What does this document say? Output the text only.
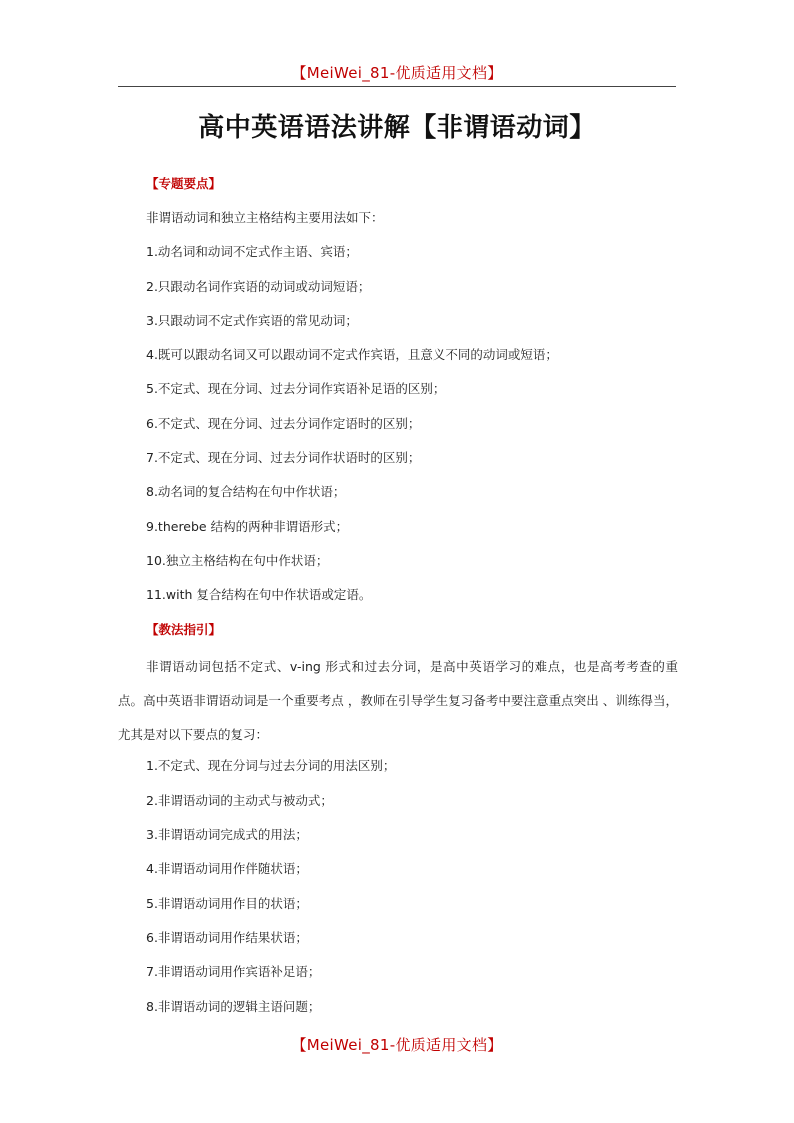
【MeiWei_81-优质适用文档】
高中英语语法讲解【非谓语动词】
【专题要点】
非谓语动词和独立主格结构主要用法如下：
1.动名词和动词不定式作主语、宾语；
2.只跟动名词作宾语的动词或动词短语；
3.只跟动词不定式作宾语的常见动词；
4.既可以跟动名词又可以跟动词不定式作宾语，且意义不同的动词或短语；
5.不定式、现在分词、过去分词作宾语补足语的区别；
6.不定式、现在分词、过去分词作定语时的区别；
7.不定式、现在分词、过去分词作状语时的区别；
8.动名词的复合结构在句中作状语；
9.therebe 结构的两种非谓语形式；
10.独立主格结构在句中作状语；
11.with 复合结构在句中作状语或定语。
【教法指引】

非谓语动词包括不定式、v-ing 形式和过去分词，是高中英语学习的难点，也是高考考查的重点。高中英语非谓语动词是一个重要考点 ，教师在引导学生复习备考中要注意重点突出 、训练得当，尤其是对以下要点的复习：

1.不定式、现在分词与过去分词的用法区别；
2.非谓语动词的主动式与被动式；
3.非谓语动词完成式的用法；
4.非谓语动词用作伴随状语；
5.非谓语动词用作目的状语；
6.非谓语动词用作结果状语；
7.非谓语动词用作宾语补足语；
8.非谓语动词的逻辑主语问题；
【MeiWei_81-优质适用文档】
